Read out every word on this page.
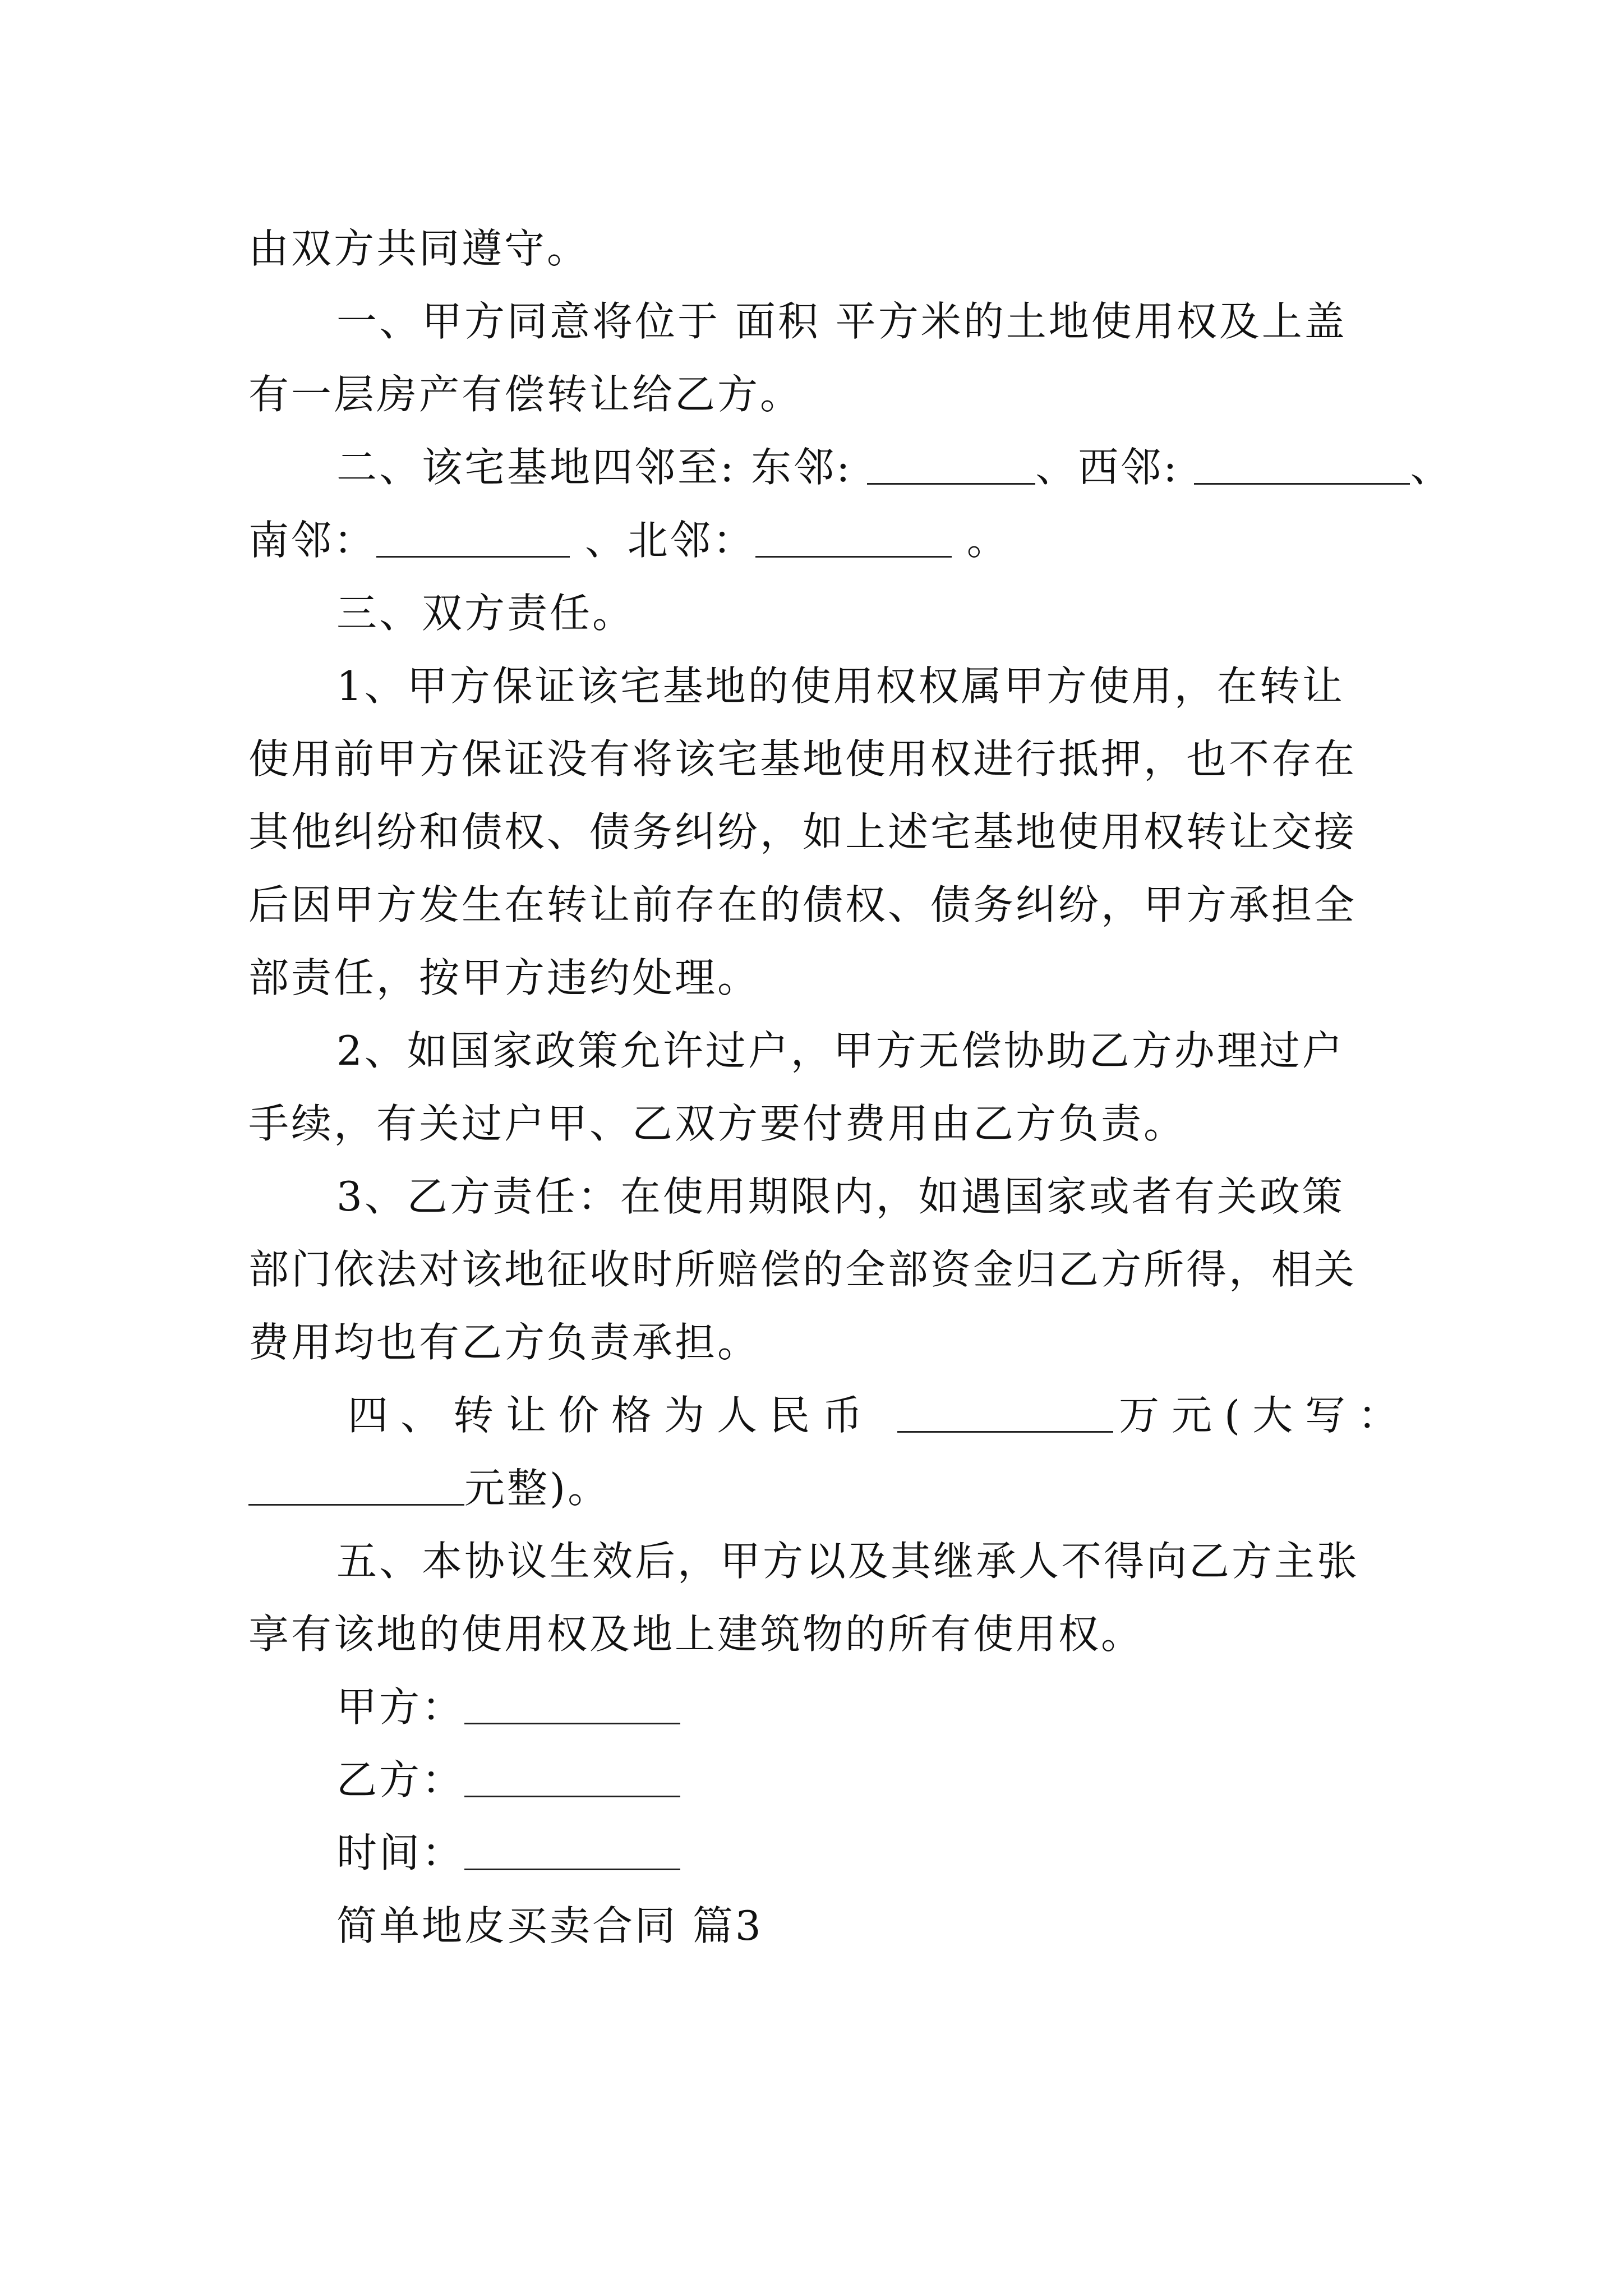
由双方共同遵守。
一、甲方同意将位于 面积 平方米的土地使用权及上盖
有一层房产有偿转让给乙方。
二、该宅基地四邻至: 东邻:	、西邻:	、
南邻：	、北邻：	。
三、双方责任。
1、甲方保证该宅基地的使用权权属甲方使用，在转让
使用前甲方保证没有将该宅基地使用权进行抵押，也不存在
其他纠纷和债权、债务纠纷，如上述宅基地使用权转让交接
后因甲方发生在转让前存在的债权、债务纠纷，甲方承担全
部责任，按甲方违约处理。
2、如国家政策允许过户，甲方无偿协助乙方办理过户
手续，有关过户甲、乙双方要付费用由乙方负责。
3、乙方责任：在使用期限内，如遇国家或者有关政策
部门依法对该地征收时所赔偿的全部资金归乙方所得，相关
费用均也有乙方负责承担。
四、转让价格为人民币	万元(大写：
元整)。
五、本协议生效后，甲方以及其继承人不得向乙方主张
享有该地的使用权及地上建筑物的所有使用权。
甲方：
乙方：
时间：
简单地皮买卖合同 篇3
